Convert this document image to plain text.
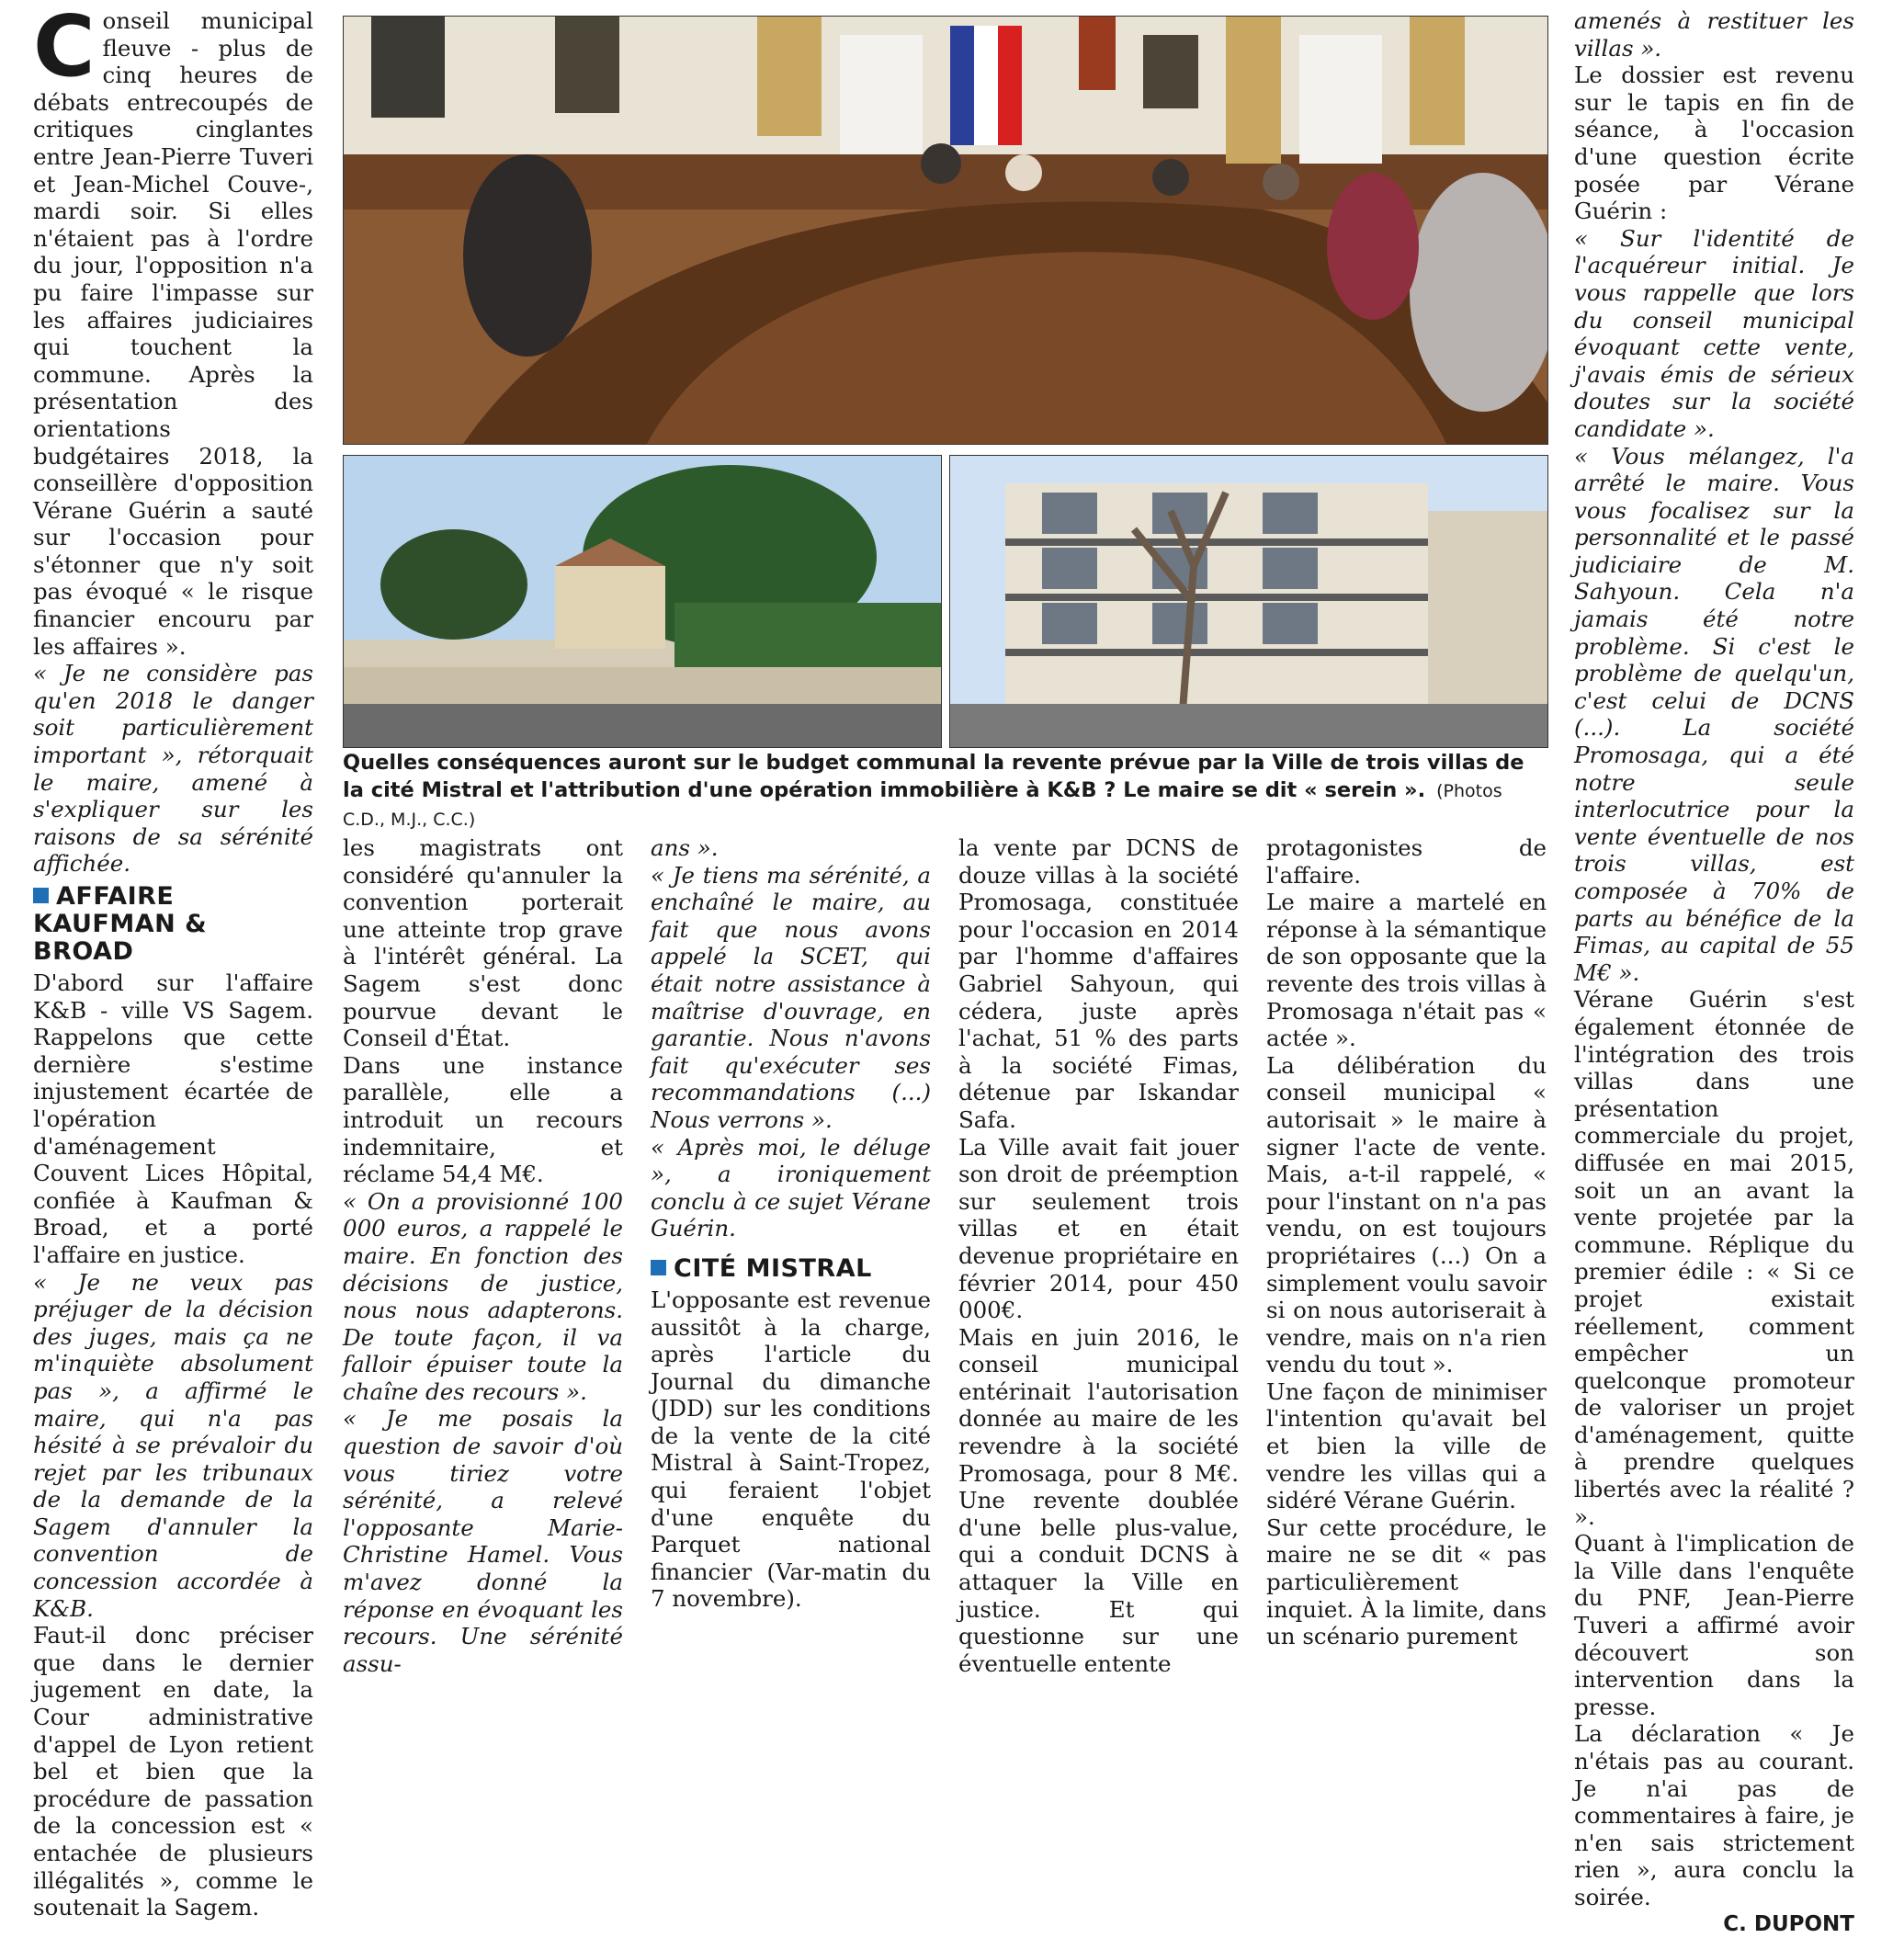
Conseil municipal fleuve - plus de cinq heures de débats entrecoupés de critiques cinglantes entre Jean-Pierre Tuveri et Jean-Michel Couve-, mardi soir. Si elles n'étaient pas à l'ordre du jour, l'opposition n'a pu faire l'impasse sur les affaires judiciaires qui touchent la commune. Après la présentation des orientations budgétaires 2018, la conseillère d'opposition Vérane Guérin a sauté sur l'occasion pour s'étonner que n'y soit pas évoqué « le risque financier encouru par les affaires ».

« Je ne considère pas qu'en 2018 le danger soit particulièrement important », rétorquait le maire, amené à s'expliquer sur les raisons de sa sérénité affichée.

AFFAIRE KAUFMAN & BROAD

D'abord sur l'affaire K&B - ville VS Sagem. Rappelons que cette dernière s'estime injustement écartée de l'opération d'aménagement Couvent Lices Hôpital, confiée à Kaufman & Broad, et a porté l'affaire en justice.

« Je ne veux pas préjuger de la décision des juges, mais ça ne m'inquiète absolument pas », a affirmé le maire, qui n'a pas hésité à se prévaloir du rejet par les tribunaux de la demande de la Sagem d'annuler la convention de concession accordée à K&B.

Faut-il donc préciser que dans le dernier jugement en date, la Cour administrative d'appel de Lyon retient bel et bien que la procédure de passation de la concession est « entachée de plusieurs illégalités », comme le soutenait la Sagem.

Quelles conséquences auront sur le budget communal la revente prévue par la Ville de trois villas de la cité Mistral et l'attribution d'une opération immobilière à K&B ? Le maire se dit « serein ». (Photos C.D., M.J., C.C.)

les magistrats ont considéré qu'annuler la convention porterait une atteinte trop grave à l'intérêt général. La Sagem s'est donc pourvue devant le Conseil d'État.

Dans une instance parallèle, elle a introduit un recours indemnitaire, et réclame 54,4 M€.

« On a provisionné 100 000 euros, a rappelé le maire. En fonction des décisions de justice, nous nous adapterons. De toute façon, il va falloir épuiser toute la chaîne des recours ».

« Je me posais la question de savoir d'où vous tiriez votre sérénité, a relevé l'opposante Marie-Christine Hamel. Vous m'avez donné la réponse en évoquant les recours. Une sérénité assu-

ans ».

« Je tiens ma sérénité, a enchaîné le maire, au fait que nous avons appelé la SCET, qui était notre assistance à maîtrise d'ouvrage, en garantie. Nous n'avons fait qu'exécuter ses recommandations (...) Nous verrons ».

« Après moi, le déluge », a ironiquement conclu à ce sujet Vérane Guérin.

CITÉ MISTRAL

L'opposante est revenue aussitôt à la charge, après l'article du Journal du dimanche (JDD) sur les conditions de la vente de la cité Mistral à Saint-Tropez, qui feraient l'objet d'une enquête du Parquet national financier (Var-matin du 7 novembre).

la vente par DCNS de douze villas à la société Promosaga, constituée pour l'occasion en 2014 par l'homme d'affaires Gabriel Sahyoun, qui cédera, juste après l'achat, 51 % des parts à la société Fimas, détenue par Iskandar Safa.

La Ville avait fait jouer son droit de préemption sur seulement trois villas et en était devenue propriétaire en février 2014, pour 450 000€.

Mais en juin 2016, le conseil municipal entérinait l'autorisation donnée au maire de les revendre à la société Promosaga, pour 8 M€. Une revente doublée d'une belle plus-value, qui a conduit DCNS à attaquer la Ville en justice. Et qui questionne sur une éventuelle entente

protagonistes de l'affaire.

Le maire a martelé en réponse à la sémantique de son opposante que la revente des trois villas à Promosaga n'était pas « actée ».

La délibération du conseil municipal « autorisait » le maire à signer l'acte de vente. Mais, a-t-il rappelé, « pour l'instant on n'a pas vendu, on est toujours propriétaires (...) On a simplement voulu savoir si on nous autoriserait à vendre, mais on n'a rien vendu du tout ».

Une façon de minimiser l'intention qu'avait bel et bien la ville de vendre les villas qui a sidéré Vérane Guérin.

Sur cette procédure, le maire ne se dit « pas particulièrement inquiet. À la limite, dans un scénario purement

amenés à restituer les villas ».

Le dossier est revenu sur le tapis en fin de séance, à l'occasion d'une question écrite posée par Vérane Guérin :

« Sur l'identité de l'acquéreur initial. Je vous rappelle que lors du conseil municipal évoquant cette vente, j'avais émis de sérieux doutes sur la société candidate ».

« Vous mélangez, l'a arrêté le maire. Vous vous focalisez sur la personnalité et le passé judiciaire de M. Sahyoun. Cela n'a jamais été notre problème. Si c'est le problème de quelqu'un, c'est celui de DCNS (...). La société Promosaga, qui a été notre seule interlocutrice pour la vente éventuelle de nos trois villas, est composée à 70% de parts au bénéfice de la Fimas, au capital de 55 M€ ».

Vérane Guérin s'est également étonnée de l'intégration des trois villas dans une présentation commerciale du projet, diffusée en mai 2015, soit un an avant la vente projetée par la commune. Réplique du premier édile : « Si ce projet existait réellement, comment empêcher un quelconque promoteur de valoriser un projet d'aménagement, quitte à prendre quelques libertés avec la réalité ? ».

Quant à l'implication de la Ville dans l'enquête du PNF, Jean-Pierre Tuveri a affirmé avoir découvert son intervention dans la presse.

La déclaration « Je n'étais pas au courant. Je n'ai pas de commentaires à faire, je n'en sais strictement rien », aura conclu la soirée.

C. DUPONT
